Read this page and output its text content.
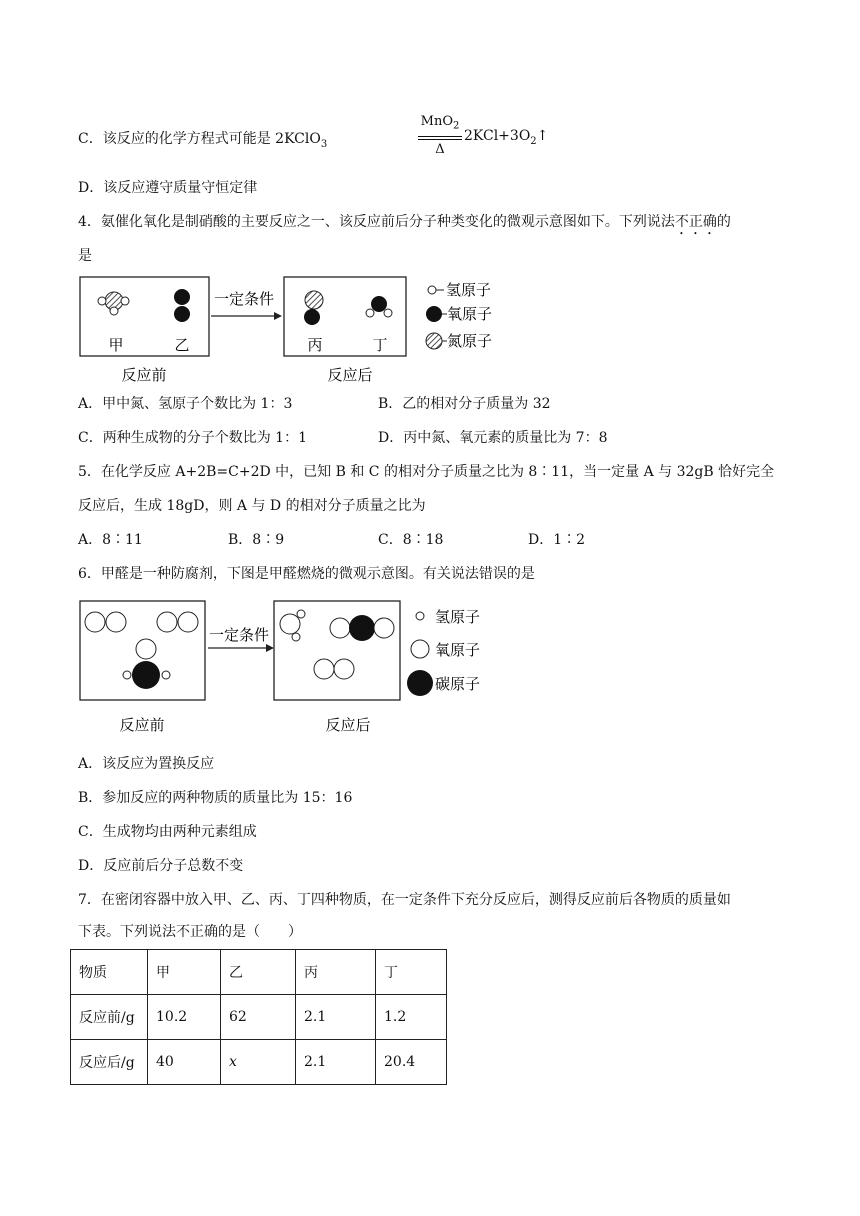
C．该反应的化学方程式可能是 2KClO$_3$
MnO$_2$
Δ
$2KCl+3O_2↑$
D．该反应遵守质量守恒定律
4．氨催化氧化是制硝酸的主要反应之一、该反应前后分子种类变化的微观示意图如下。下列说法不正确的
是
甲	乙
一定条件
丙	丁
反应前	反应后
氢原子
氧原子
氮原子
A．甲中氮、氢原子个数比为 1：3	B．乙的相对分子质量为 32
C．两种生成物的分子个数比为 1：1	D．丙中氮、氧元素的质量比为 7：8
5．在化学反应 A+2B=C+2D 中，已知 B 和 C 的相对分子质量之比为 8∶11，当一定量 A 与 32gB 恰好完全
反应后，生成 18gD，则 A 与 D 的相对分子质量之比为
A．8∶11	B．8∶9	C．8∶18	D．1∶2
6．甲醛是一种防腐剂，下图是甲醛燃烧的微观示意图。有关说法错误的是
一定条件
反应前	反应后
氢原子
氧原子
碳原子
A．该反应为置换反应
B．参加反应的两种物质的质量比为 15：16
C．生成物均由两种元素组成
D．反应前后分子总数不变
7．在密闭容器中放入甲、乙、丙、丁四种物质，在一定条件下充分反应后，测得反应前后各物质的质量如
下表。下列说法不正确的是（　　）
物质	甲	乙	丙	丁
反应前/g	10.2	62	2.1	1.2
反应后/g	40	x	2.1	20.4
